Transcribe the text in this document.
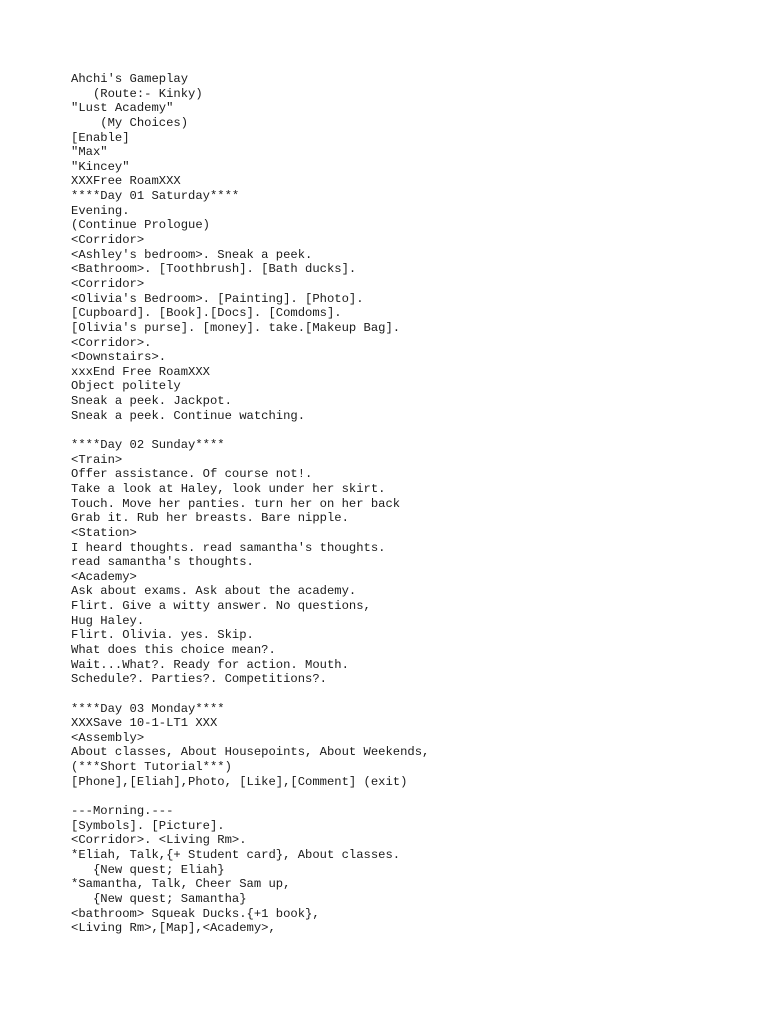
Ahchi's Gameplay
(Route:- Kinky)
"Lust Academy"
(My Choices)
[Enable]
"Max"
"Kincey"
XXXFree RoamXXX
****Day 01 Saturday****
Evening.
(Continue Prologue)
<Corridor>
<Ashley's bedroom>. Sneak a peek.
<Bathroom>. [Toothbrush]. [Bath ducks].
<Corridor>
<Olivia's Bedroom>. [Painting]. [Photo].
[Cupboard]. [Book].[Docs]. [Comdoms].
[Olivia's purse]. [money]. take.[Makeup Bag].
<Corridor>.
<Downstairs>.
xxxEnd Free RoamXXX
Object politely
Sneak a peek. Jackpot.
Sneak a peek. Continue watching.
****Day 02 Sunday****
<Train>
Offer assistance. Of course not!.
Take a look at Haley, look under her skirt.
Touch. Move her panties. turn her on her back
Grab it. Rub her breasts. Bare nipple.
<Station>
I heard thoughts. read samantha's thoughts.
read samantha's thoughts.
<Academy>
Ask about exams. Ask about the academy.
Flirt. Give a witty answer. No questions,
Hug Haley.
Flirt. Olivia. yes. Skip.
What does this choice mean?.
Wait...What?. Ready for action. Mouth.
Schedule?. Parties?. Competitions?.
****Day 03 Monday****
XXXSave 10-1-LT1 XXX
<Assembly>
About classes, About Housepoints, About Weekends,
(***Short Tutorial***)
[Phone],[Eliah],Photo, [Like],[Comment] (exit)
---Morning.---
[Symbols]. [Picture].
<Corridor>. <Living Rm>.
*Eliah, Talk,{+ Student card}, About classes.
{New quest; Eliah}
*Samantha, Talk, Cheer Sam up,
{New quest; Samantha}
<bathroom> Squeak Ducks.{+1 book},
<Living Rm>,[Map],<Academy>,
